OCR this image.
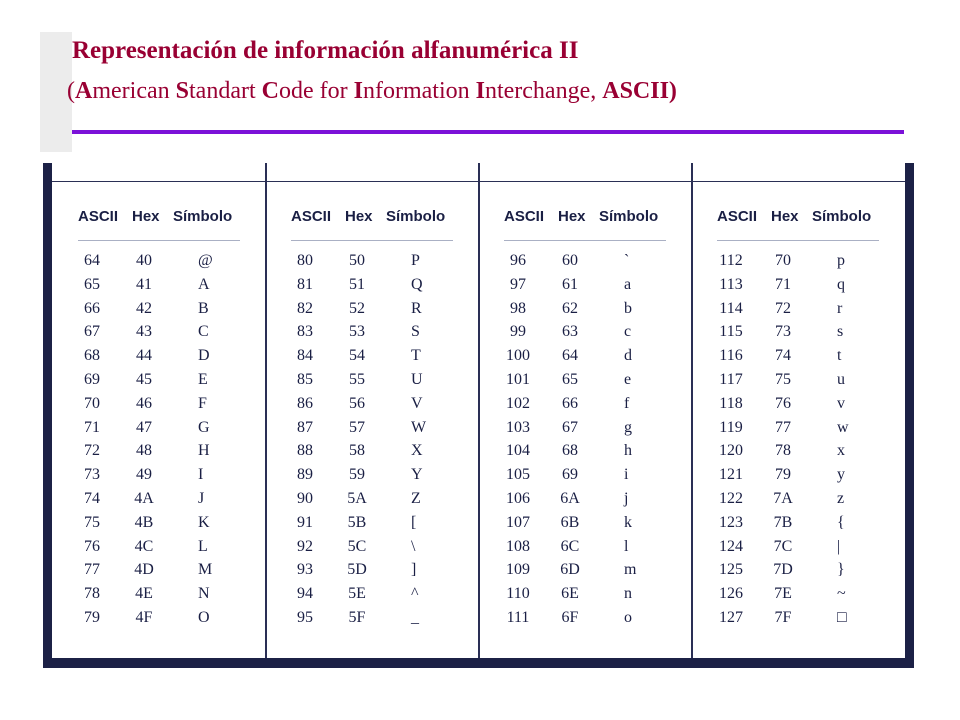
Representación de información alfanumérica II
(American Standart Code for Information Interchange, ASCII)
ASCII Hex Símbolo
64 40	@
65 41	A
66 42	B
67 43	C
68 44	D
69 45	E
70 46	F
71 47	G
72 48	H
73 49	I
74 4A	J
75 4B	K
76 4C	L
77 4D	M
78 4E	N
79 4F	O
ASCII Hex Símbolo
80 50	P
81 51	Q
82 52	R
83 53	S
84 54	T
85 55	U
86 56	V
87 57	W
88 58	X
89 59	Y
90 5A	Z
91 5B	[
92 5C	\
93 5D	]
94 5E	^
95 5F	_
ASCII Hex Símbolo
96 60	`
97 61	a
98 62	b
99 63	c
100 64	d
101 65	e
102 66	f
103 67	g
104 68	h
105 69	i
106 6A	j
107 6B	k
108 6C	l
109 6D	m
110 6E	n
111 6F	o
ASCII Hex Símbolo
112 70	p
113 71	q
114 72	r
115 73	s
116 74	t
117 75	u
118 76	v
119 77	w
120 78	x
121 79	y
122 7A	z
123 7B	{
124 7C	|
125 7D	}
126 7E	~
127 7F	□
